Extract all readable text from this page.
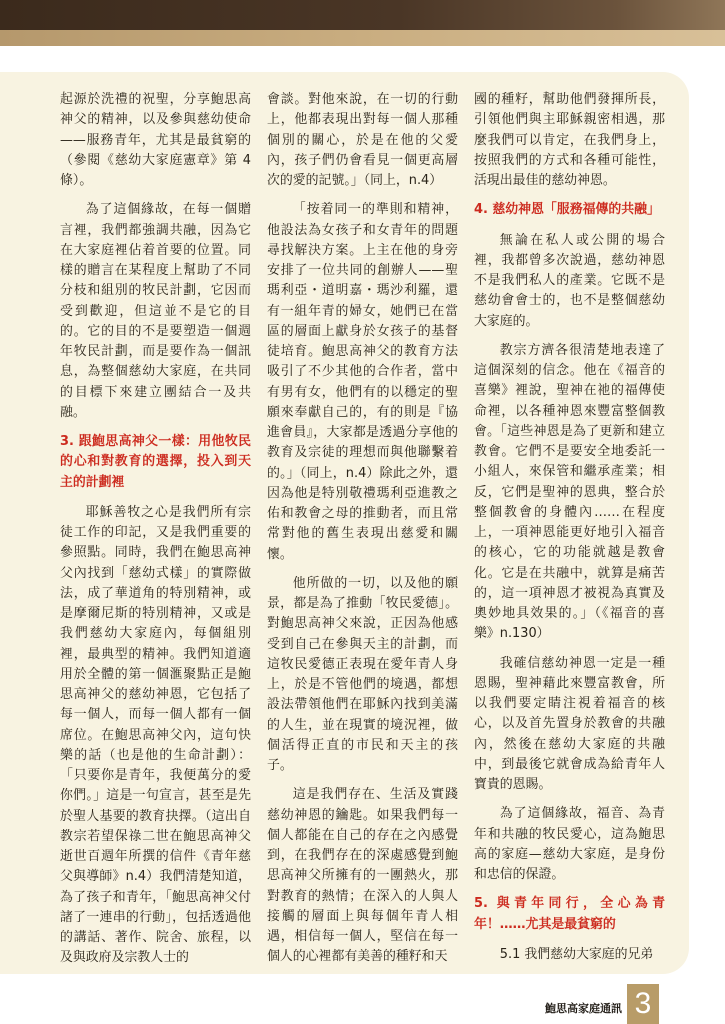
起源於洗禮的祝聖，分享鮑思高神父的精神，以及參與慈幼使命——服務青年，尤其是最貧窮的（參閱《慈幼大家庭憲章》第 4 條）。

為了這個緣故，在每一個贈言裡，我們都強調共融，因為它在大家庭裡佔着首要的位置。同樣的贈言在某程度上幫助了不同分枝和組別的牧民計劃，它因而受到歡迎，但這並不是它的目的。它的目的不是要塑造一個週年牧民計劃，而是要作為一個訊息，為整個慈幼大家庭，在共同的目標下來建立團結合一及共融。

3. 跟鮑思高神父一樣：用他牧民的心和對教育的選擇，投入到天主的計劃裡

耶穌善牧之心是我們所有宗徒工作的印記，又是我們重要的參照點。同時，我們在鮑思高神父內找到「慈幼式樣」的實際做法，成了華道角的特別精神，或是摩爾尼斯的特別精神，又或是我們慈幼大家庭內，每個組別裡，最典型的精神。我們知道適用於全體的第一個滙聚點正是鮑思高神父的慈幼神恩，它包括了每一個人，而每一個人都有一個席位。在鮑思高神父內，這句快樂的話（也是他的生命計劃）：「只要你是青年，我便萬分的愛你們。」這是一句宣言，甚至是先於聖人基要的教育抉擇。（這出自教宗若望保祿二世在鮑思高神父逝世百週年所撰的信件《青年慈父與導師》n.4）我們清楚知道，為了孩子和青年，「鮑思高神父付諸了一連串的行動」，包括透過他的講話、著作、院舍、旅程，以及與政府及宗教人士的

會談。對他來說，在一切的行動上，他都表現出對每一個人那種個別的關心，於是在他的父愛內，孩子們仍會看見一個更高層次的愛的記號。」（同上，n.4）

「按着同一的準則和精神，他設法為女孩子和女青年的問題尋找解決方案。上主在他的身旁安排了一位共同的創辦人——聖瑪利亞・道明嘉・瑪沙利羅，還有一組年青的婦女，她們已在當區的層面上獻身於女孩子的基督徒培育。鮑思高神父的教育方法吸引了不少其他的合作者，當中有男有女，他們有的以穩定的聖願來奉獻自己的，有的則是『協進會員』，大家都是透過分享他的教育及宗徒的理想而與他聯繫着的。」（同上，n.4）除此之外，還因為他是特別敬禮瑪利亞進教之佑和教會之母的推動者，而且常常對他的舊生表現出慈愛和關懷。

他所做的一切，以及他的願景，都是為了推動「牧民愛德」。對鮑思高神父來說，正因為他感受到自己在參與天主的計劃，而這牧民愛德正表現在愛年青人身上，於是不管他們的境遇，都想設法帶領他們在耶穌內找到美滿的人生，並在現實的境況裡，做個活得正直的市民和天主的孩子。

這是我們存在、生活及實踐慈幼神恩的鑰匙。如果我們每一個人都能在自己的存在之內感覺到，在我們存在的深處感覺到鮑思高神父所擁有的一團熱火，那對教育的熱情；在深入的人與人接觸的層面上與每個年青人相遇，相信每一個人，堅信在每一個人的心裡都有美善的種籽和天

國的種籽，幫助他們發揮所長，引領他們與主耶穌親密相遇，那麼我們可以肯定，在我們身上，按照我們的方式和各種可能性，活現出最佳的慈幼神恩。

4. 慈幼神恩「服務福傳的共融」

無論在私人或公開的場合裡，我都曾多次說過，慈幼神恩不是我們私人的產業。它既不是慈幼會會士的，也不是整個慈幼大家庭的。

教宗方濟各很清楚地表達了這個深刻的信念。他在《福音的喜樂》裡說，聖神在祂的福傳使命裡，以各種神恩來豐富整個教會。「這些神恩是為了更新和建立教會。它們不是要安全地委託一小組人，來保管和繼承產業；相反，它們是聖神的恩典，整合於整個教會的身體內……在程度上，一項神恩能更好地引入福音的核心，它的功能就越是教會化。它是在共融中，就算是痛苦的，這一項神恩才被視為真實及奧妙地具效果的。」（《福音的喜樂》n.130）

我確信慈幼神恩一定是一種恩賜，聖神藉此來豐富教會，所以我們要定睛注視着福音的核心，以及首先置身於教會的共融內，然後在慈幼大家庭的共融中，到最後它就會成為給青年人寶貴的恩賜。

為了這個緣故，福音、為青年和共融的牧民愛心，這為鮑思高的家庭—慈幼大家庭，是身份和忠信的保證。

5. 與青年同行，全心為青年！……尤其是最貧窮的

5.1 我們慈幼大家庭的兄弟

鮑思高家庭通訊 3
